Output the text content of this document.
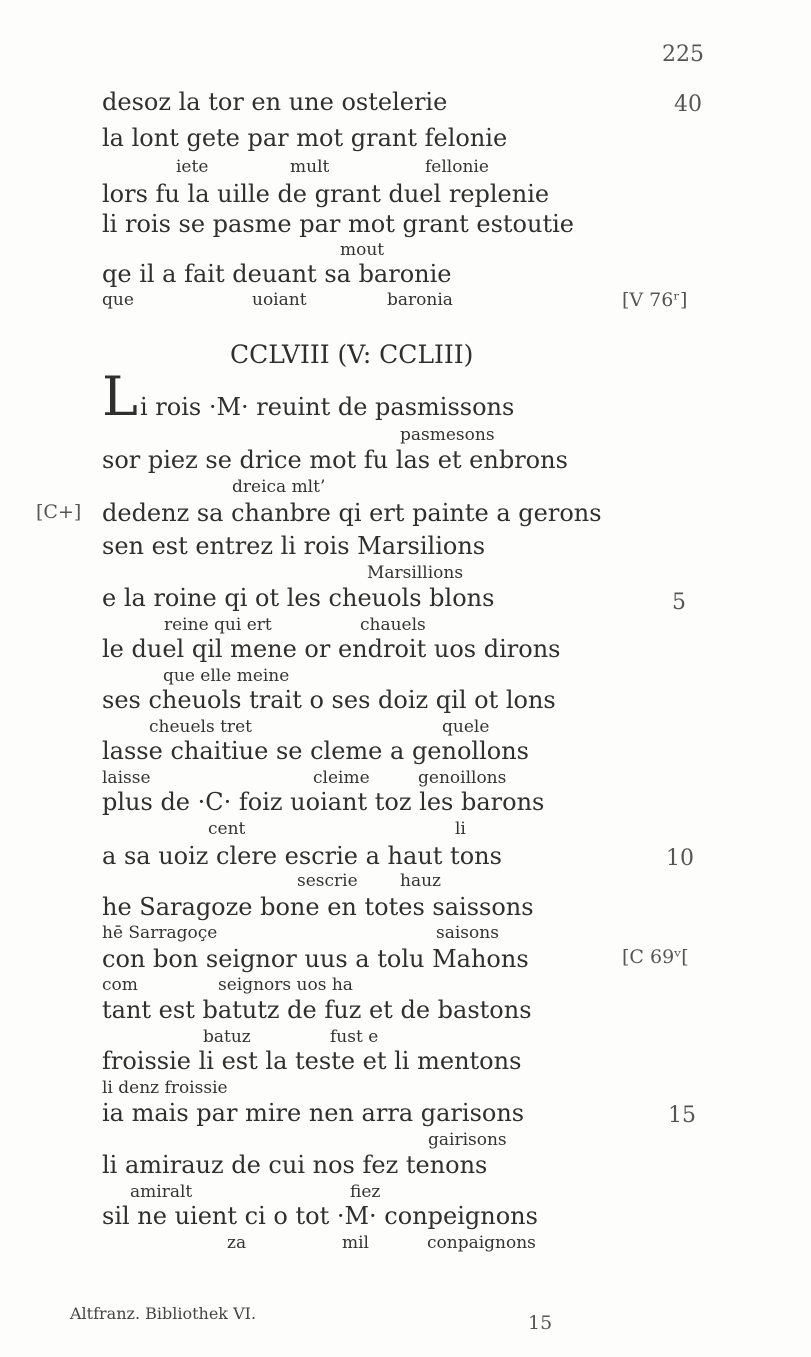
225
desoz la tor en une ostelerie	40
la lont gete par mot grant felonie
iete	mult	fellonie
lors fu la uille de grant duel replenie
li rois se pasme par mot grant estoutie
mout
qe il a fait deuant sa baronie
que	uoiant	baronia	[V 76ʳ]
CCLVIII (V: CCLIII)
L i rois ·M· reuint de pasmissons
pasmesons
sor piez se drice mot fu las et enbrons
dreica mlt’
[C+] dedenz sa chanbre qi ert painte a gerons
sen est entrez li rois Marsilions
Marsillions
e la roine qi ot les cheuols blons	5
reine qui ert	chauels
le duel qil mene or endroit uos dirons
que elle meine
ses cheuols trait o ses doiz qil ot lons
cheuels tret	quele
lasse chaitiue se cleme a genollons
laisse	cleime	genoillons
plus de ·C· foiz uoiant toz les barons
cent	li
a sa uoiz clere escrie a haut tons	10
sescrie hauz
he Saragoze bone en totes saissons
hē Sarragoçe	saisons
con bon seignor uus a tolu Mahons	[C 69ᵛ[
com	seignors uos ha
tant est batutz de fuz et de bastons
batuz	fust e
froissie li est la teste et li mentons
li denz froissie
ia mais par mire nen arra garisons	15
gairisons
li amirauz de cui nos fez tenons
amiralt	fiez
sil ne uient ci o tot ·M· conpeignons
za	mil	conpaignons
Altfranz. Bibliothek VI.	15
